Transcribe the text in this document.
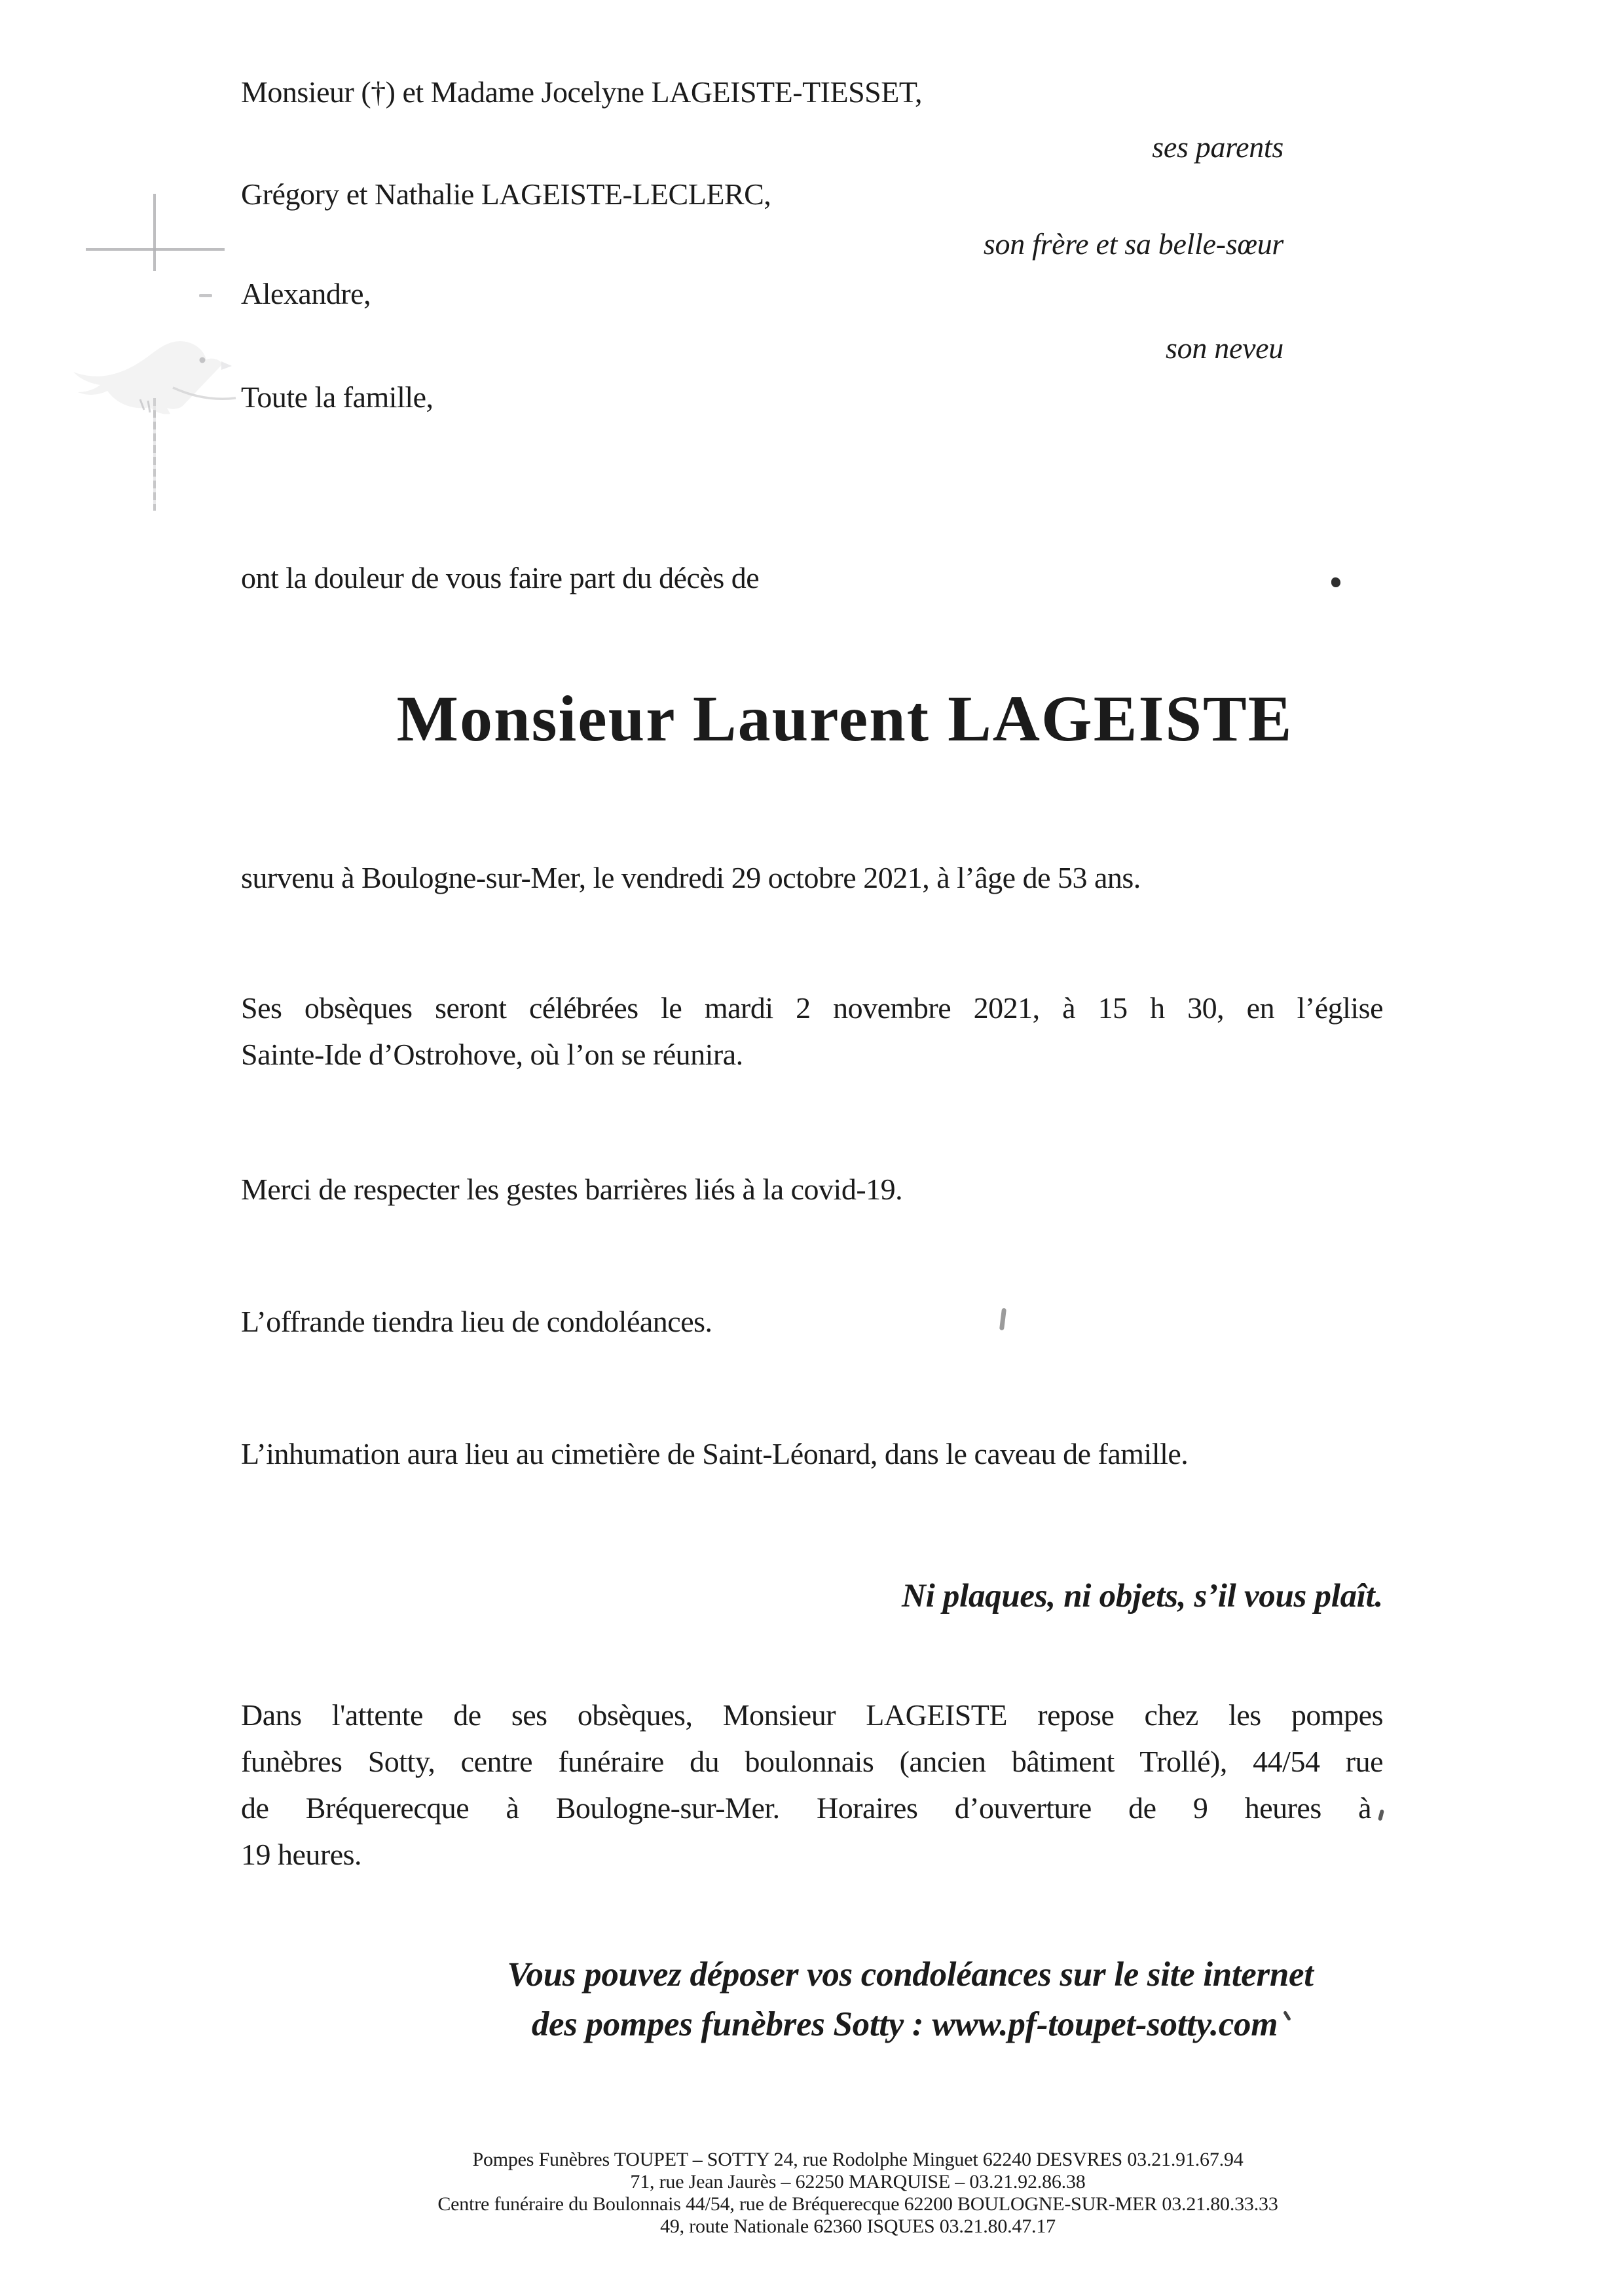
Monsieur (†) et Madame Jocelyne LAGEISTE-TIESSET,
ses parents
Grégory et Nathalie LAGEISTE-LECLERC,
son frère et sa belle-sœur
Alexandre,
son neveu
Toute la famille,
ont la douleur de vous faire part du décès de
Monsieur Laurent LAGEISTE
survenu à Boulogne-sur-Mer, le vendredi 29 octobre 2021, à l’âge de 53 ans.
Ses obsèques seront célébrées le mardi 2 novembre 2021, à 15 h 30, en l’église
Sainte-Ide d’Ostrohove, où l’on se réunira.
Merci de respecter les gestes barrières liés à la covid-19.
L’offrande tiendra lieu de condoléances.
L’inhumation aura lieu au cimetière de Saint-Léonard, dans le caveau de famille.
Ni plaques, ni objets, s’il vous plaît.
Dans l'attente de ses obsèques, Monsieur LAGEISTE repose chez les pompes
funèbres Sotty, centre funéraire du boulonnais (ancien bâtiment Trollé), 44/54 rue
de Bréquerecque à Boulogne-sur-Mer. Horaires d’ouverture de 9 heures à
19 heures.
Vous pouvez déposer vos condoléances sur le site internet
des pompes funèbres Sotty : www.pf-toupet-sotty.com
Pompes Funèbres TOUPET – SOTTY 24, rue Rodolphe Minguet 62240 DESVRES 03.21.91.67.94
71, rue Jean Jaurès – 62250 MARQUISE – 03.21.92.86.38
Centre funéraire du Boulonnais 44/54, rue de Bréquerecque 62200 BOULOGNE-SUR-MER 03.21.80.33.33
49, route Nationale 62360 ISQUES 03.21.80.47.17
